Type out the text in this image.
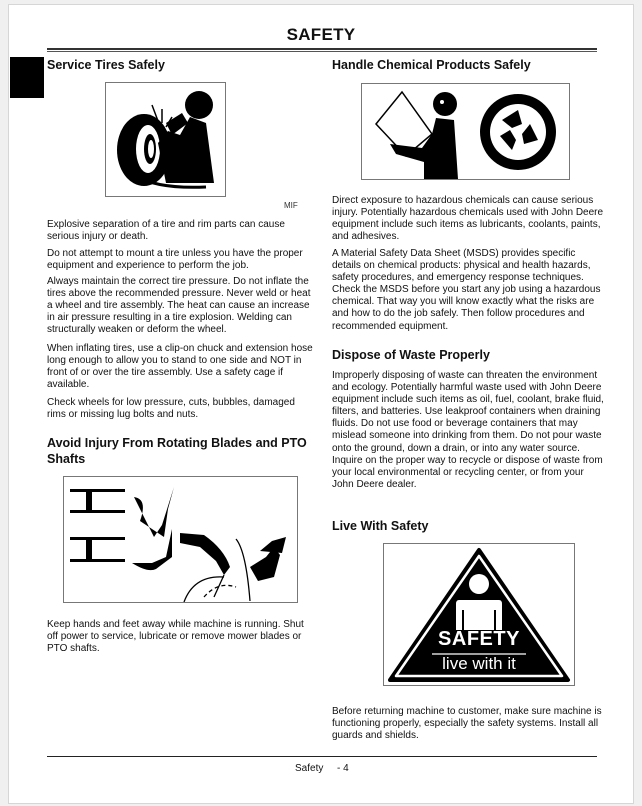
SAFETY
Service Tires Safely
MIF
Explosive separation of a tire and rim parts can cause serious injury or death.
Do not attempt to mount a tire unless you have the proper equipment and experience to perform the job.
Always maintain the correct tire pressure. Do not inflate the tires above the recommended pressure. Never weld or heat a wheel and tire assembly. The heat can cause an increase in air pressure resulting in a tire explosion. Welding can structurally weaken or deform the wheel.
When inflating tires, use a clip-on chuck and extension hose long enough to allow you to stand to one side and NOT in front of or over the tire assembly. Use a safety cage if available.
Check wheels for low pressure, cuts, bubbles, damaged rims or missing lug bolts and nuts.
Avoid Injury From Rotating Blades and PTO Shafts
Keep hands and feet away while machine is running. Shut off power to service, lubricate or remove mower blades or PTO shafts.
Handle Chemical Products Safely
Direct exposure to hazardous chemicals can cause serious injury. Potentially hazardous chemicals used with John Deere equipment include such items as lubricants, coolants, paints, and adhesives.
A Material Safety Data Sheet (MSDS) provides specific details on chemical products: physical and health hazards, safety procedures, and emergency response techniques. Check the MSDS before you start any job using a hazardous chemical. That way you will know exactly what the risks are and how to do the job safely. Then follow procedures and recommended equipment.
Dispose of Waste Properly
Improperly disposing of waste can threaten the environment and ecology. Potentially harmful waste used with John Deere equipment include such items as oil, fuel, coolant, brake fluid, filters, and batteries. Use leakproof containers when draining fluids. Do not use food or beverage containers that may mislead someone into drinking from them. Do not pour waste onto the ground, down a drain, or into any water source. Inquire on the proper way to recycle or dispose of waste from your local environmental or recycling center, or from your John Deere dealer.
Live With Safety
SAFETY
live with it
Before returning machine to customer, make sure machine is functioning properly, especially the safety systems. Install all guards and shields.
Safety - 4
